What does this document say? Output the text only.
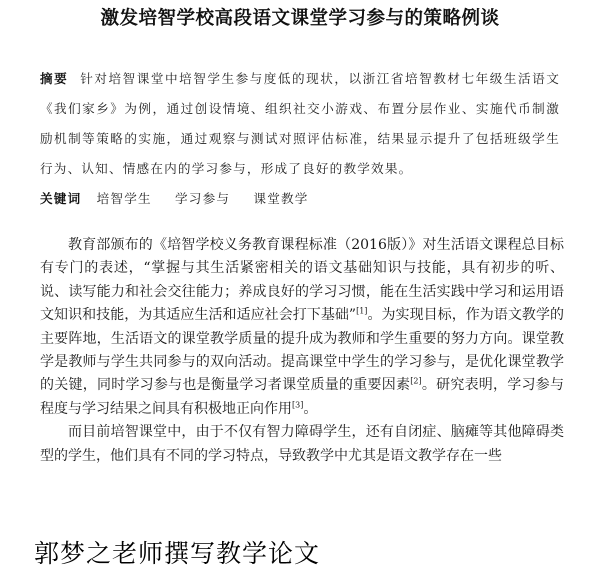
激发培智学校高段语文课堂学习参与的策略例谈
摘要 针对培智课堂中培智学生参与度低的现状，以浙江省培智教材七年级生活语文《我们家乡》为例，通过创设情境、组织社交小游戏、布置分层作业、实施代币制激励机制等策略的实施，通过观察与测试对照评估标准，结果显示提升了包括班级学生行为、认知、情感在内的学习参与，形成了良好的教学效果。
关键词 培智学生 学习参与 课堂教学

教育部颁布的《培智学校义务教育课程标准（2016版）》对生活语文课程总目标有专门的表述，“掌握与其生活紧密相关的语文基础知识与技能，具有初步的听、说、读写能力和社会交往能力；养成良好的学习习惯，能在生活实践中学习和运用语文知识和技能，为其适应生活和适应社会打下基础”[1]。为实现目标，作为语文教学的主要阵地，生活语文的课堂教学质量的提升成为教师和学生重要的努力方向。课堂教学是教师与学生共同参与的双向活动。提高课堂中学生的学习参与，是优化课堂教学的关键，同时学习参与也是衡量学习者课堂质量的重要因素[2]。研究表明，学习参与程度与学习结果之间具有积极地正向作用[3]。

而目前培智课堂中，由于不仅有智力障碍学生，还有自闭症、脑瘫等其他障碍类型的学生，他们具有不同的学习特点，导致教学中尤其是语文教学存在一些

郭梦之老师撰写教学论文
